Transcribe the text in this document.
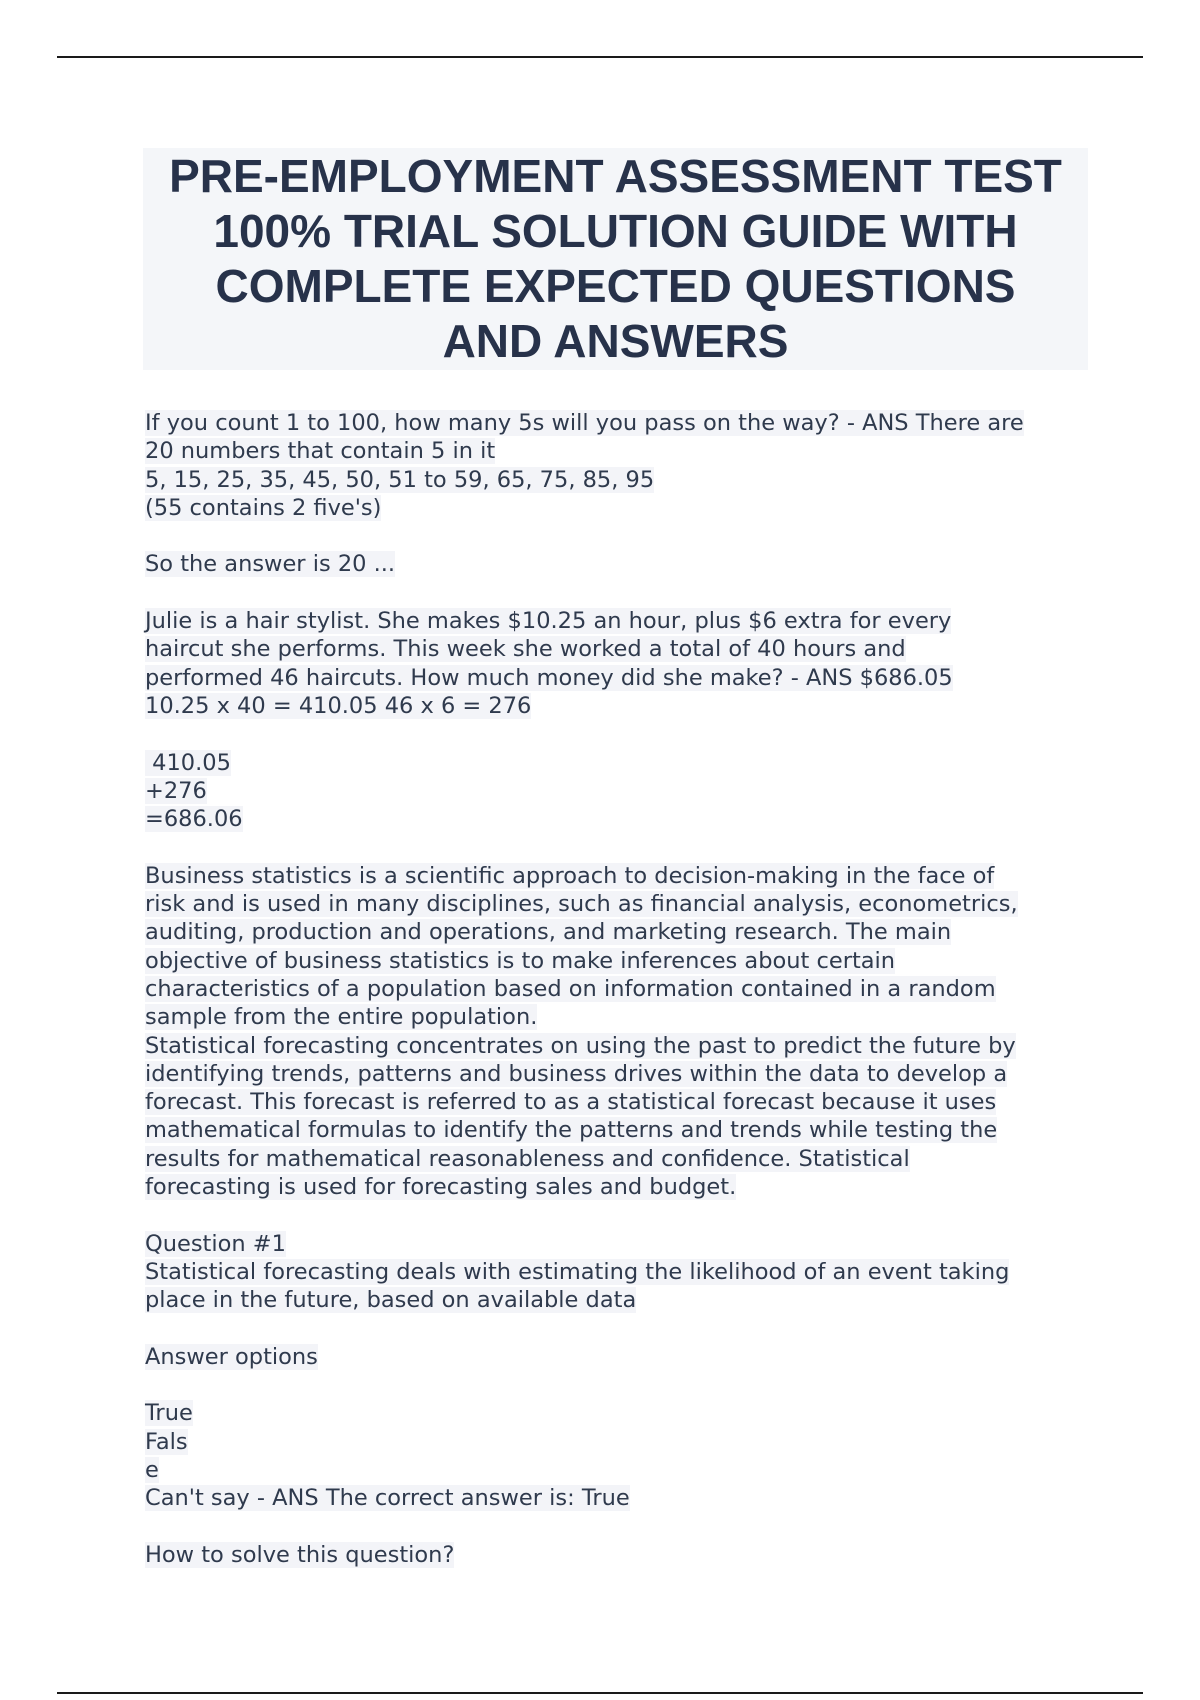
PRE-EMPLOYMENT ASSESSMENT TEST
100% TRIAL SOLUTION GUIDE WITH
COMPLETE EXPECTED QUESTIONS
AND ANSWERS
If you count 1 to 100, how many 5s will you pass on the way? - ANS There are
20 numbers that contain 5 in it
5, 15, 25, 35, 45, 50, 51 to 59, 65, 75, 85, 95
(55 contains 2 five's)
So the answer is 20 ...
Julie is a hair stylist. She makes $10.25 an hour, plus $6 extra for every
haircut she performs. This week she worked a total of 40 hours and
performed 46 haircuts. How much money did she make? - ANS $686.05
10.25 x 40 = 410.05 46 x 6 = 276
410.05
+276
=686.06
Business statistics is a scientific approach to decision-making in the face of
risk and is used in many disciplines, such as financial analysis, econometrics,
auditing, production and operations, and marketing research. The main
objective of business statistics is to make inferences about certain
characteristics of a population based on information contained in a random
sample from the entire population.
Statistical forecasting concentrates on using the past to predict the future by
identifying trends, patterns and business drives within the data to develop a
forecast. This forecast is referred to as a statistical forecast because it uses
mathematical formulas to identify the patterns and trends while testing the
results for mathematical reasonableness and confidence. Statistical
forecasting is used for forecasting sales and budget.
Question #1
Statistical forecasting deals with estimating the likelihood of an event taking
place in the future, based on available data
Answer options
True
Fals
e
Can't say - ANS The correct answer is: True
How to solve this question?
